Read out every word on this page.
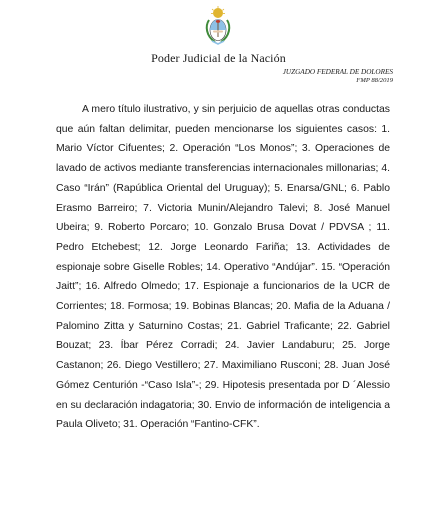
Poder Judicial de la Nación
JUZGADO FEDERAL DE DOLORES
FMP 88/2019

A mero título ilustrativo, y sin perjuicio de aquellas otras conductas que aún faltan delimitar, pueden mencionarse los siguientes casos: 1. Mario Víctor Cifuentes; 2. Operación “Los Monos”; 3. Operaciones de lavado de activos mediante transferencias internacionales millonarias; 4. Caso “Irán” (Rapública Oriental del Uruguay); 5. Enarsa/GNL; 6. Pablo Erasmo Barreiro; 7. Victoria Munin/Alejandro Talevi; 8. José Manuel Ubeira; 9. Roberto Porcaro; 10. Gonzalo Brusa Dovat / PDVSA ; 11. Pedro Etchebest; 12. Jorge Leonardo Fariña; 13. Actividades de espionaje sobre Giselle Robles; 14. Operativo “Andújar”. 15. “Operación Jaitt”; 16. Alfredo Olmedo; 17. Espionaje a funcionarios de la UCR de Corrientes; 18. Formosa; 19. Bobinas Blancas; 20. Mafia de la Aduana / Palomino Zitta y Saturnino Costas; 21. Gabriel Traficante; 22. Gabriel Bouzat; 23. Íbar Pérez Corradi; 24. Javier Landaburu; 25. Jorge Castanon; 26. Diego Vestillero; 27. Maximiliano Rusconi; 28. Juan José Gómez Centurión -“Caso Isla”-; 29. Hipotesis presentada por D ´Alessio en su declaración indagatoria; 30. Envio de información de inteligencia a Paula Oliveto; 31. Operación “Fantino-CFK”.
